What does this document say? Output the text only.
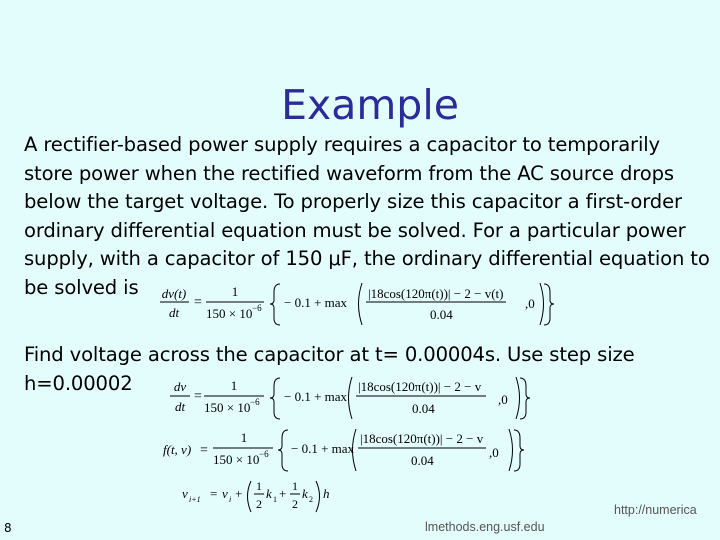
Example
A rectifier-based power supply requires a capacitor to temporarily
store power when the rectified waveform from the AC source drops
below the target voltage. To properly size this capacitor a first-order
ordinary differential equation must be solved. For a particular power
supply, with a capacitor of 150 μF, the ordinary differential equation to
be solved is	dv(t)
dt
=
1
150 × 10 −6 − 0.1 + max
|18cos(120π(t))| − 2 − v(t)
0.04
,0
Find voltage across the capacitor at t= 0.00004s. Use step size
h=0.00002	dv
dt
=
1
150 × 10 −6 − 0.1 + max
|18cos(120π(t))| − 2 − v
0.04
,0
f(t, v) =
1
150 × 10 −6 − 0.1 + max
|18cos(120π(t))| − 2 − v
0.04
,0
v i+1 = v i + 1
2
k 1 + 1
2
k 2 h
8
http://numerica
lmethods.eng.usf.edu
